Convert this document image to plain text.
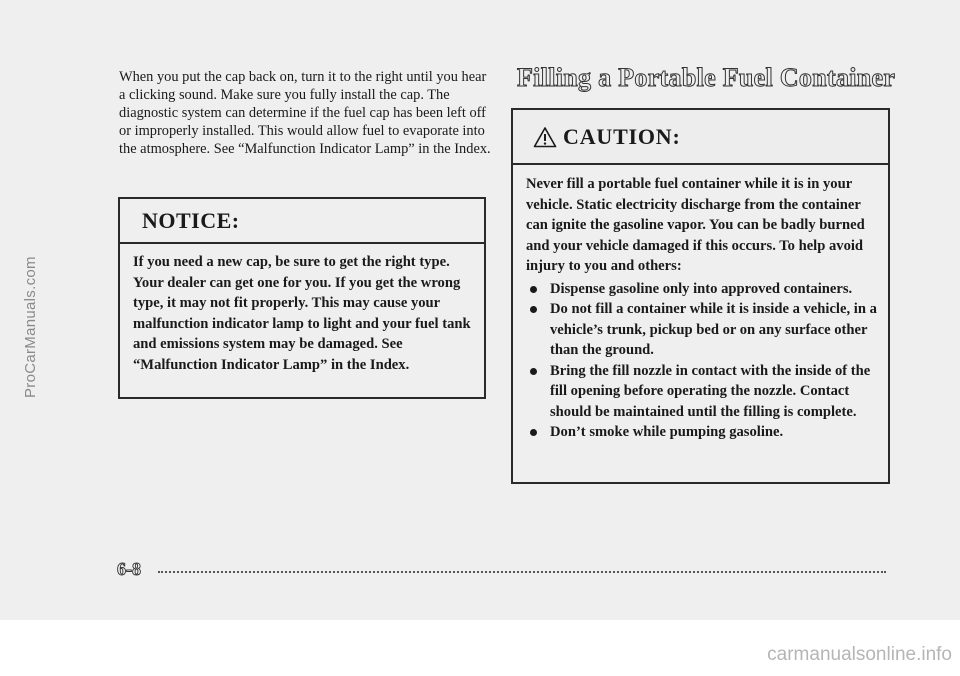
ProCarManuals.com

When you put the cap back on, turn it to the right until you hear a clicking sound. Make sure you fully install the cap. The diagnostic system can determine if the fuel cap has been left off or improperly installed. This would allow fuel to evaporate into the atmosphere. See “Malfunction Indicator Lamp” in the Index.

NOTICE:
If you need a new cap, be sure to get the right type. Your dealer can get one for you. If you get the wrong type, it may not fit properly. This may cause your malfunction indicator lamp to light and your fuel tank and emissions system may be damaged. See “Malfunction Indicator Lamp” in the Index.
Filling a Portable Fuel Container
CAUTION:
Never fill a portable fuel container while it is in your vehicle. Static electricity discharge from the container can ignite the gasoline vapor. You can be badly burned and your vehicle damaged if this occurs. To help avoid injury to you and others:
Dispense gasoline only into approved containers.
Do not fill a container while it is inside a vehicle, in a vehicle’s trunk, pickup bed or on any surface other than the ground.
Bring the fill nozzle in contact with the inside of the fill opening before operating the nozzle. Contact should be maintained until the filling is complete.
Don’t smoke while pumping gasoline.
6-8
carmanualsonline.info
